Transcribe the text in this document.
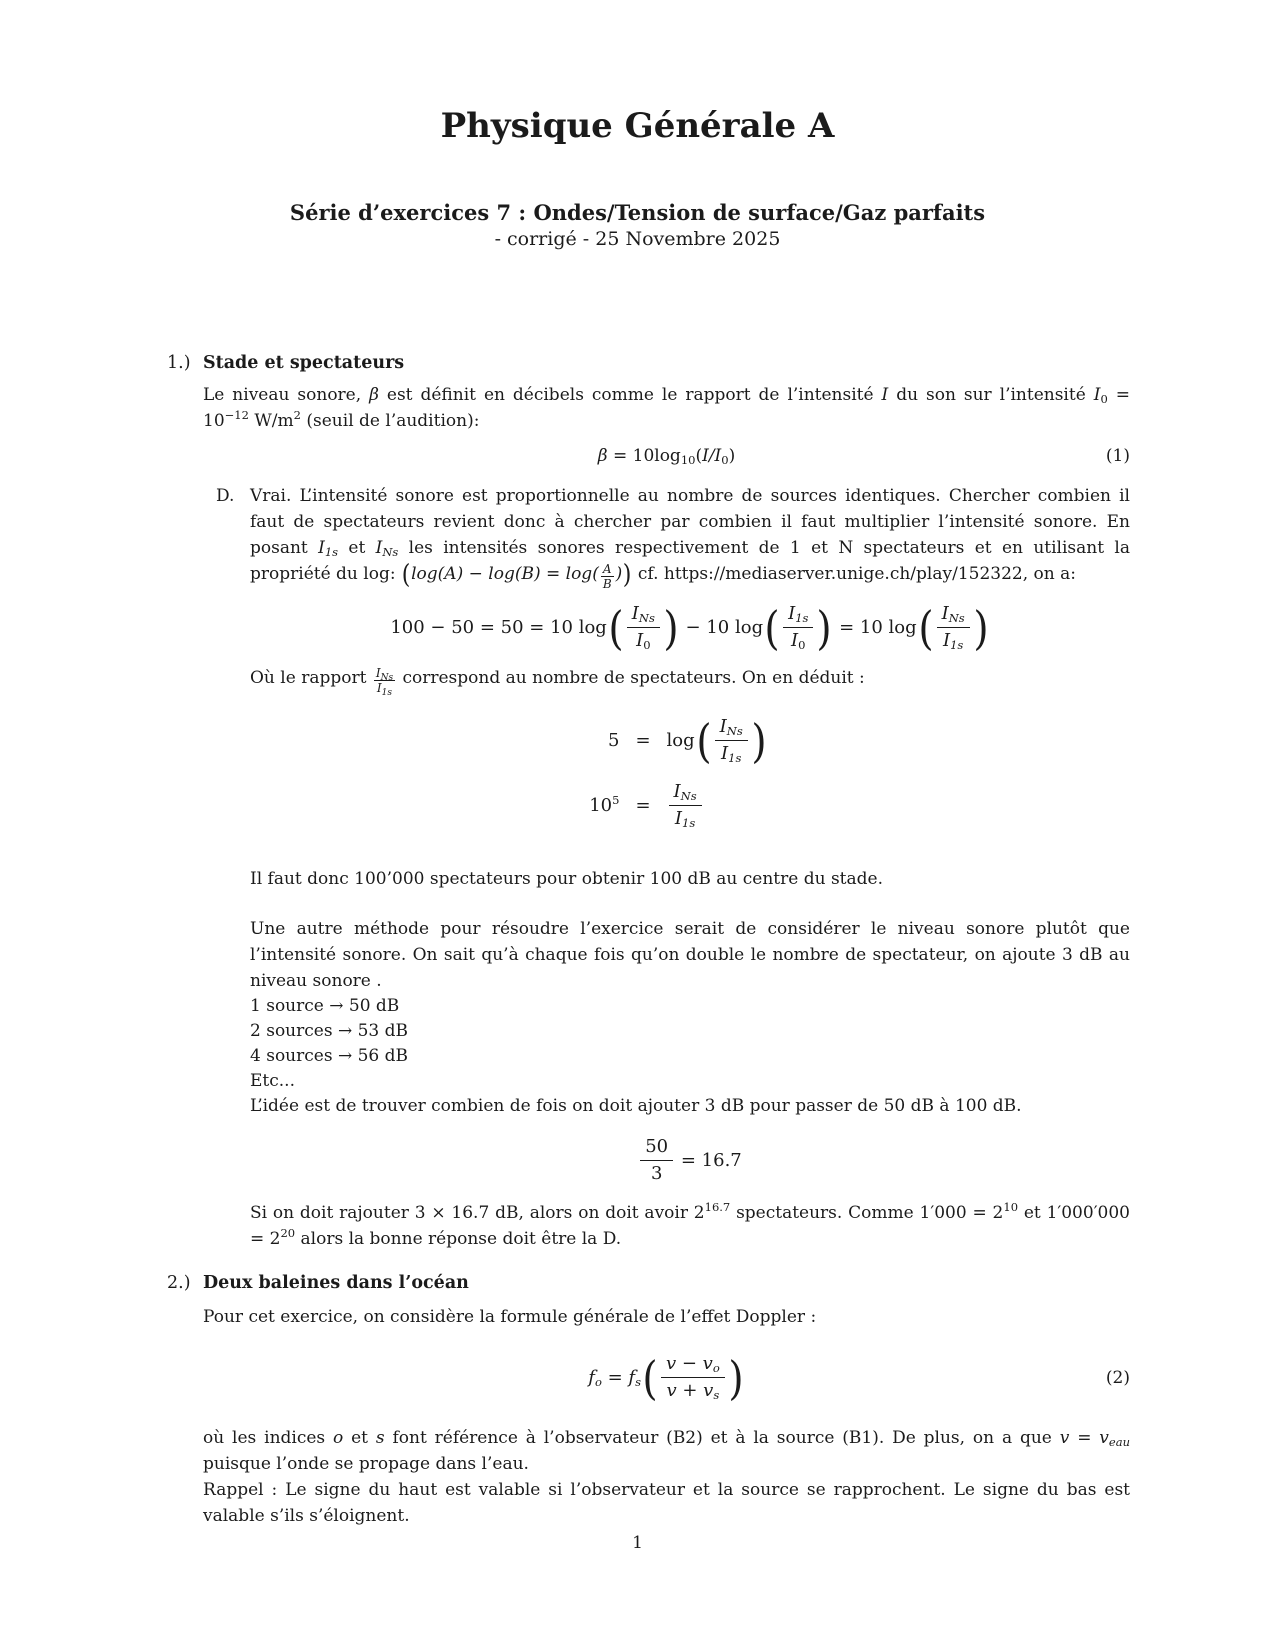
Physique Générale A
Série d’exercices 7 : Ondes/Tension de surface/Gaz parfaits
- corrigé - 25 Novembre 2025
1.) Stade et spectateurs

Le niveau sonore, β est définit en décibels comme le rapport de l’intensité I du son sur l’intensité $I_0 = 10^{-12}$ $W/m^2$ (seuil de l’audition):

$\beta = 10\log_{10}(I/I_0)$	(1)
D. Vrai. L’intensité sonore est proportionnelle au nombre de sources identiques. Chercher combien il faut de spectateurs revient donc à chercher par combien il faut multiplier l’intensité sonore. En posant $I_{1s}$ et $I_{Ns}$ les intensités sonores respectivement de 1 et N spectateurs et en utilisant la propriété du log: ($\log(A) - \log(B) = \log( \frac{A}{B}$ )) cf. https://mediaserver.unige.ch/play/152322, on a:

100 − 50 = 50 = 10 log ( $\frac{I_{Ns}}{I_0}$ ) − 10 log ( $\frac{I_{1s}}{I_0}$ ) = 10 log ( $\frac{I_{Ns}}{I_{1s}}$ )

Où le rapport $\frac{I_{Ns}}{I_{1s}}$ correspond au nombre de spectateurs. On en déduit :

5 = log ( $\frac{I_{Ns}}{I_{1s}}$ )
$10^5$ =	$\frac{I_{Ns}}{I_{1s}}$

Il faut donc 100’000 spectateurs pour obtenir 100 dB au centre du stade.

Une autre méthode pour résoudre l’exercice serait de considérer le niveau sonore plutôt que l’intensité sonore. On sait qu’à chaque fois qu’on double le nombre de spectateur, on ajoute 3 dB au niveau sonore .

1 source → 50 dB
2 sources → 53 dB
4 sources → 56 dB
Etc...
L’idée est de trouver combien de fois on doit ajouter 3 dB pour passer de 50 dB à 100 dB.
$\frac{50}{3} = 16.7$

Si on doit rajouter 3 × 16.7 dB, alors on doit avoir $2^{16.7}$ spectateurs. Comme $1'000 = 2^{10}$ et $1'000'000 = 2^{20}$ alors la bonne réponse doit être la D.

2.) Deux baleines dans l’océan

Pour cet exercice, on considère la formule générale de l’effet Doppler :

$f_o = f_s$ ( $\frac{v - v_o}{v + v_s}$ )	(2)

où les indices o et s font référence à l’observateur (B2) et à la source (B1). De plus, on a que $v = v_{eau}$ puisque l’onde se propage dans l’eau.

Rappel : Le signe du haut est valable si l’observateur et la source se rapprochent. Le signe du bas est valable s’ils s’éloignent.

1
